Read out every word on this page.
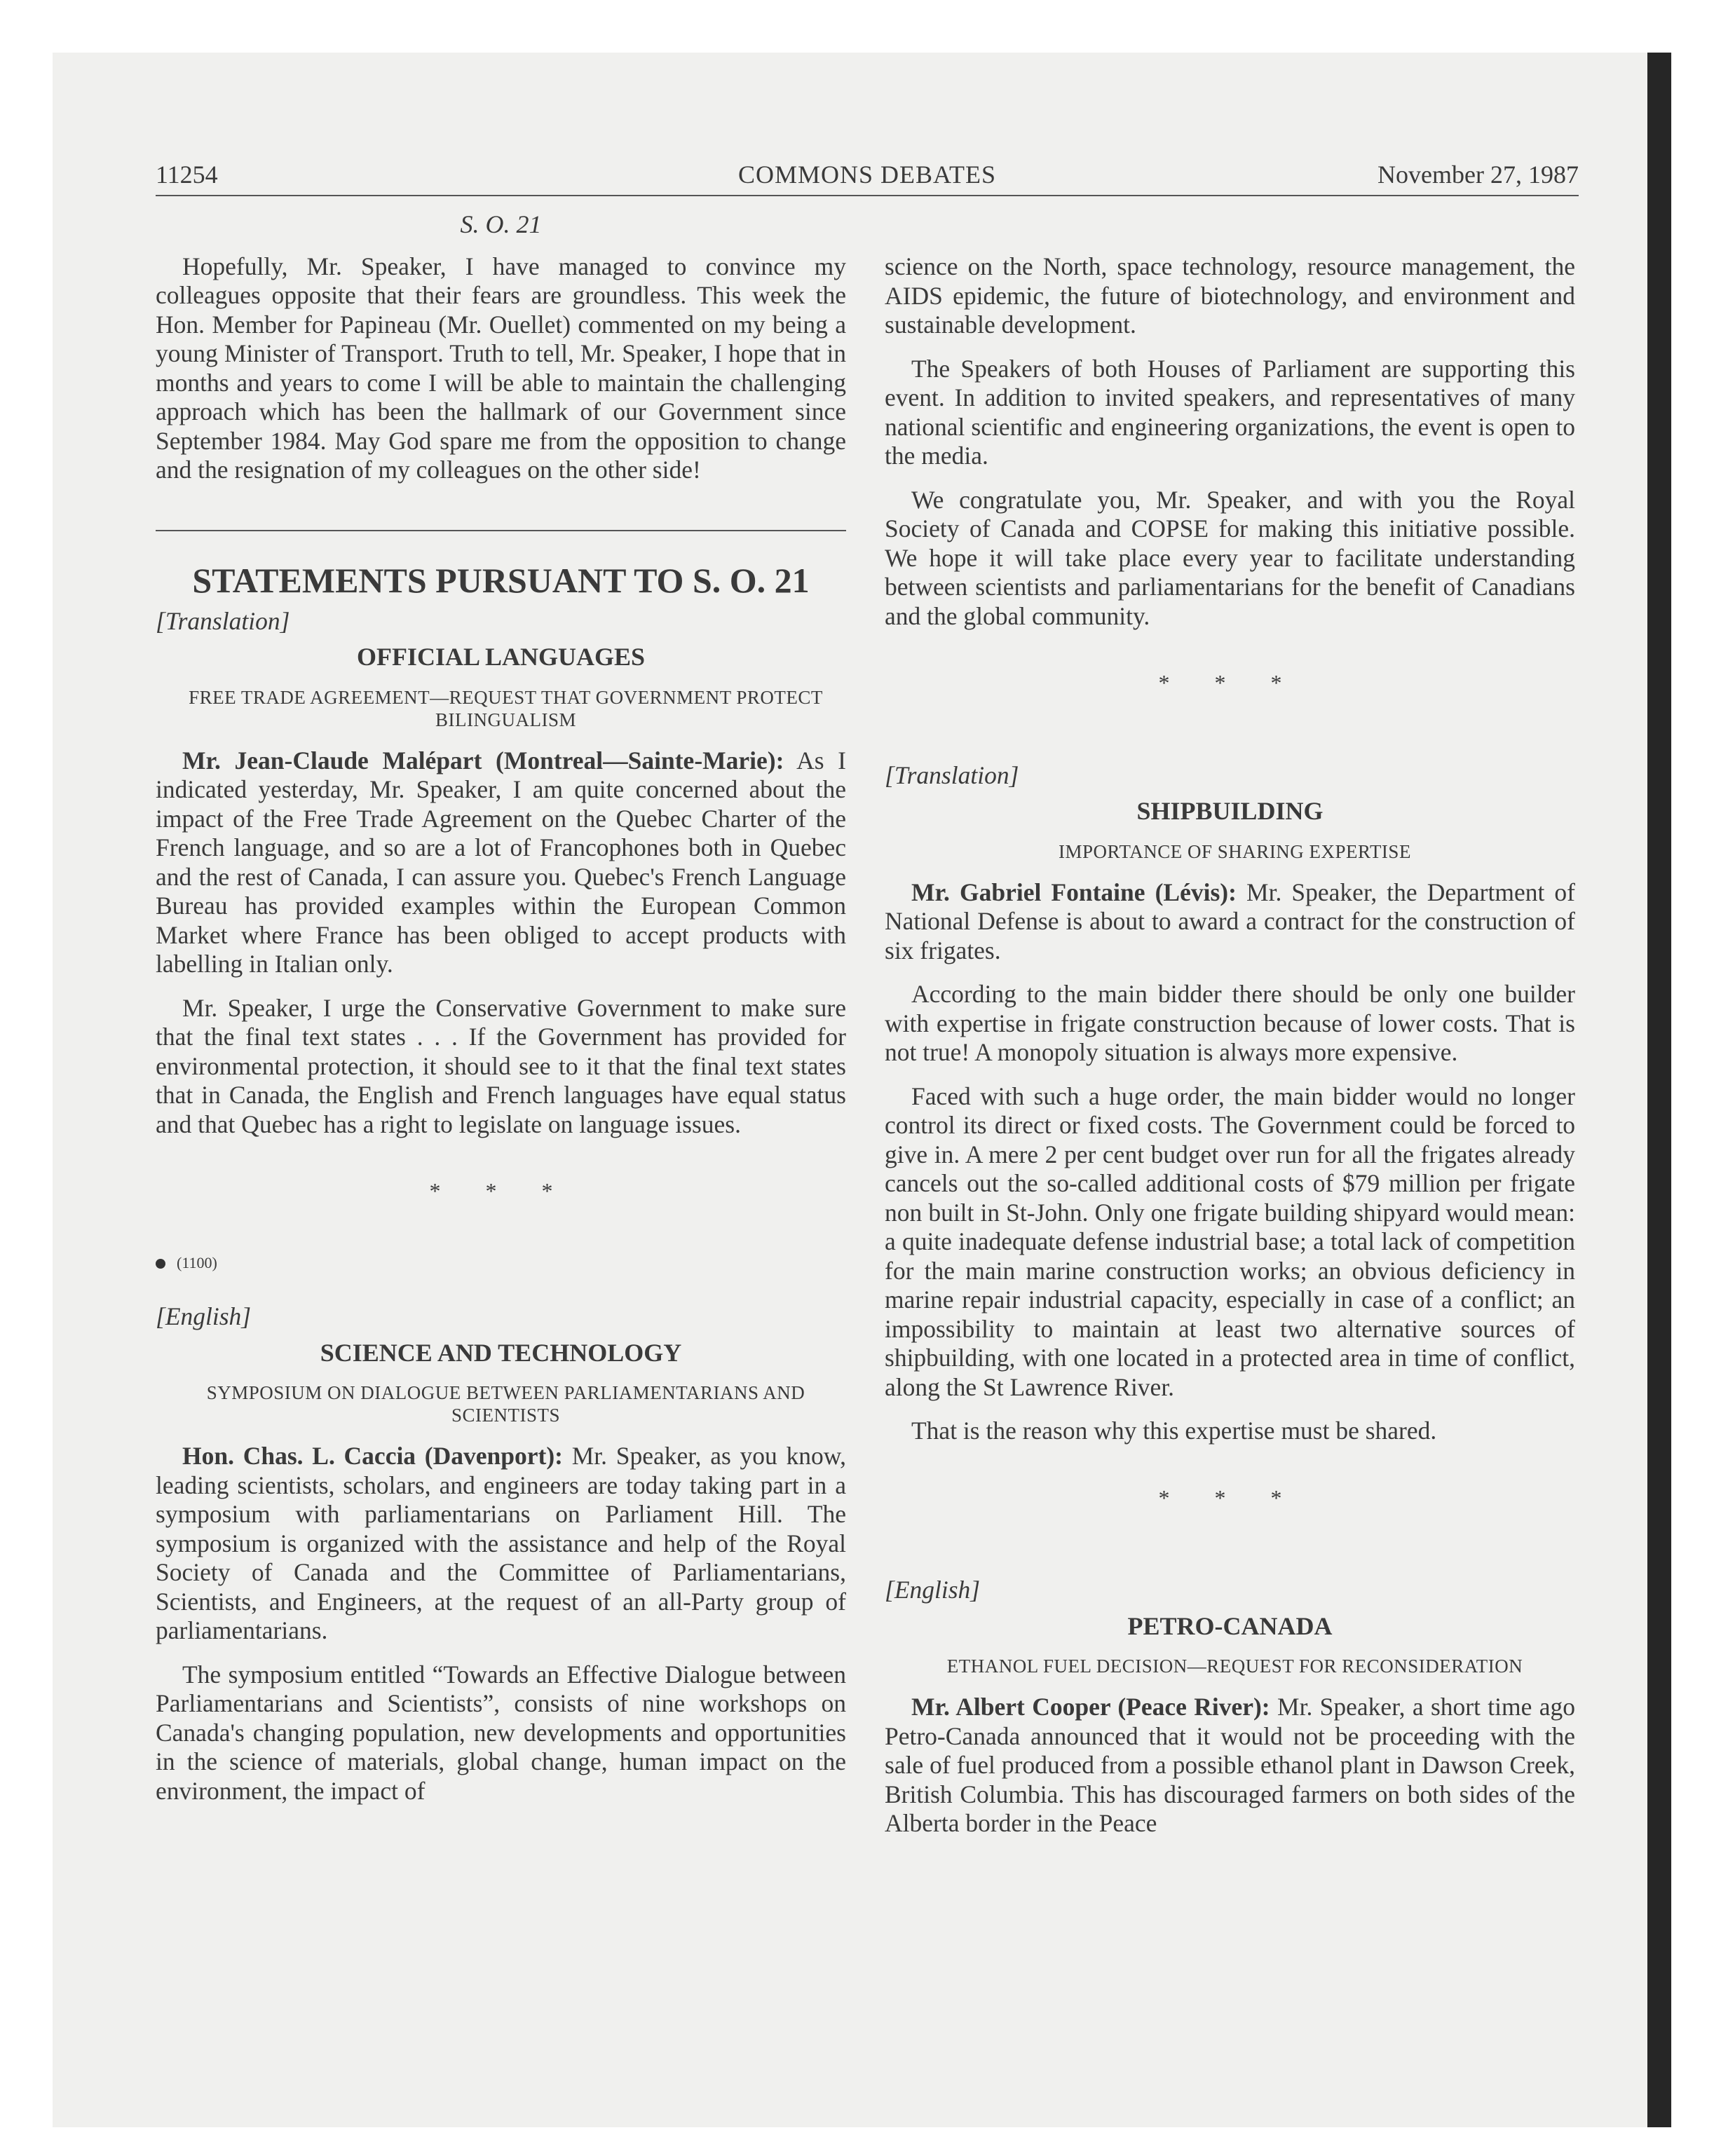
11254	COMMONS DEBATES	November 27, 1987
S. O. 21

Hopefully, Mr. Speaker, I have managed to convince my colleagues opposite that their fears are groundless. This week the Hon. Member for Papineau (Mr. Ouellet) commented on my being a young Minister of Transport. Truth to tell, Mr. Speaker, I hope that in months and years to come I will be able to maintain the challenging approach which has been the hallmark of our Government since September 1984. May God spare me from the opposition to change and the resignation of my colleagues on the other side!

STATEMENTS PURSUANT TO S. O. 21
[Translation]
OFFICIAL LANGUAGES
FREE TRADE AGREEMENT—REQUEST THAT GOVERNMENT PROTECT BILINGUALISM

Mr. Jean-Claude Malépart (Montreal—Sainte-Marie): As I indicated yesterday, Mr. Speaker, I am quite concerned about the impact of the Free Trade Agreement on the Quebec Charter of the French language, and so are a lot of Francophones both in Quebec and the rest of Canada, I can assure you. Quebec's French Language Bureau has provided examples within the European Common Market where France has been obliged to accept products with labelling in Italian only.

Mr. Speaker, I urge the Conservative Government to make sure that the final text states . . . If the Government has provided for environmental protection, it should see to it that the final text states that in Canada, the English and French languages have equal status and that Quebec has a right to legislate on language issues.

* * *
(1100)
[English]
SCIENCE AND TECHNOLOGY
SYMPOSIUM ON DIALOGUE BETWEEN PARLIAMENTARIANS AND SCIENTISTS

Hon. Chas. L. Caccia (Davenport): Mr. Speaker, as you know, leading scientists, scholars, and engineers are today taking part in a symposium with parliamentarians on Parliament Hill. The symposium is organized with the assistance and help of the Royal Society of Canada and the Committee of Parliamentarians, Scientists, and Engineers, at the request of an all-Party group of parliamentarians.

The symposium entitled “Towards an Effective Dialogue between Parliamentarians and Scientists”, consists of nine workshops on Canada's changing population, new developments and opportunities in the science of materials, global change, human impact on the environment, the impact of

science on the North, space technology, resource management, the AIDS epidemic, the future of biotechnology, and environment and sustainable development.

The Speakers of both Houses of Parliament are supporting this event. In addition to invited speakers, and representatives of many national scientific and engineering organizations, the event is open to the media.

We congratulate you, Mr. Speaker, and with you the Royal Society of Canada and COPSE for making this initiative possible. We hope it will take place every year to facilitate understanding between scientists and parliamentarians for the benefit of Canadians and the global community.

* * *
[Translation]
SHIPBUILDING
IMPORTANCE OF SHARING EXPERTISE

Mr. Gabriel Fontaine (Lévis): Mr. Speaker, the Department of National Defense is about to award a contract for the construction of six frigates.

According to the main bidder there should be only one builder with expertise in frigate construction because of lower costs. That is not true! A monopoly situation is always more expensive.

Faced with such a huge order, the main bidder would no longer control its direct or fixed costs. The Government could be forced to give in. A mere 2 per cent budget over run for all the frigates already cancels out the so-called additional costs of $79 million per frigate non built in St-John. Only one frigate building shipyard would mean: a quite inadequate defense industrial base; a total lack of competition for the main marine construction works; an obvious deficiency in marine repair industrial capacity, especially in case of a conflict; an impossibility to maintain at least two alternative sources of shipbuilding, with one located in a protected area in time of conflict, along the St Lawrence River.

That is the reason why this expertise must be shared.

* * *
[English]
PETRO-CANADA
ETHANOL FUEL DECISION—REQUEST FOR RECONSIDERATION

Mr. Albert Cooper (Peace River): Mr. Speaker, a short time ago Petro-Canada announced that it would not be proceeding with the sale of fuel produced from a possible ethanol plant in Dawson Creek, British Columbia. This has discouraged farmers on both sides of the Alberta border in the Peace
